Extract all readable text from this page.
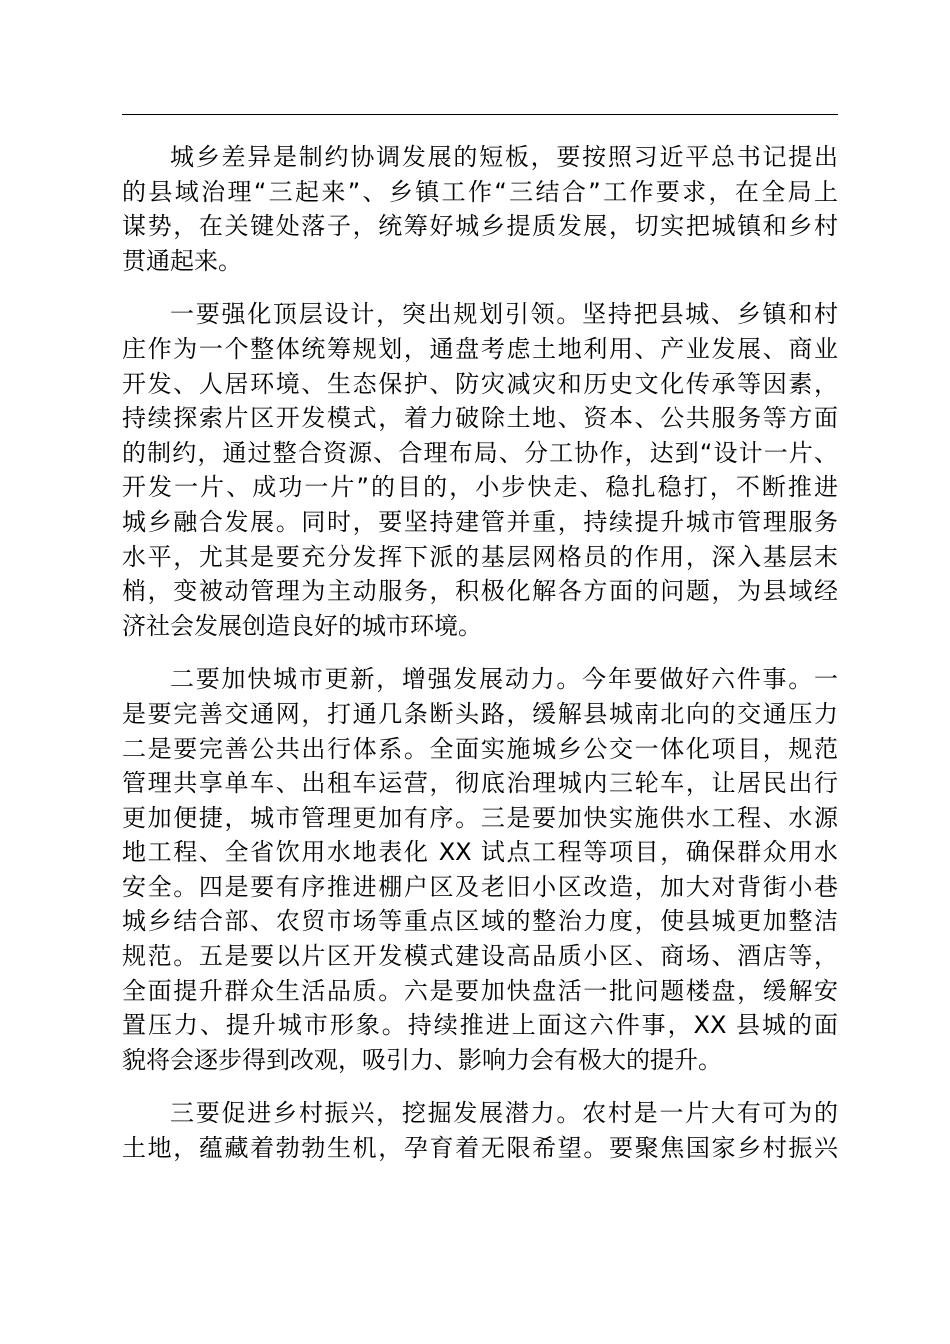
城乡差异是制约协调发展的短板，要按照习近平总书记提出
的县域治理“三起来”、乡镇工作“三结合”工作要求，在全局上
谋势，在关键处落子，统筹好城乡提质发展，切实把城镇和乡村
贯通起来。
一要强化顶层设计，突出规划引领。坚持把县城、乡镇和村
庄作为一个整体统筹规划，通盘考虑土地利用、产业发展、商业
开发、人居环境、生态保护、防灾减灾和历史文化传承等因素，
持续探索片区开发模式，着力破除土地、资本、公共服务等方面
的制约，通过整合资源、合理布局、分工协作，达到“设计一片、
开发一片、成功一片”的目的，小步快走、稳扎稳打，不断推进
城乡融合发展。同时，要坚持建管并重，持续提升城市管理服务
水平，尤其是要充分发挥下派的基层网格员的作用，深入基层末
梢，变被动管理为主动服务，积极化解各方面的问题，为县域经
济社会发展创造良好的城市环境。
二要加快城市更新，增强发展动力。今年要做好六件事。一
是要完善交通网，打通几条断头路，缓解县城南北向的交通压力
二是要完善公共出行体系。全面实施城乡公交一体化项目，规范
管理共享单车、出租车运营，彻底治理城内三轮车，让居民出行
更加便捷，城市管理更加有序。三是要加快实施供水工程、水源
地工程、全省饮用水地表化 XX 试点工程等项目，确保群众用水
安全。四是要有序推进棚户区及老旧小区改造，加大对背街小巷
城乡结合部、农贸市场等重点区域的整治力度，使县城更加整洁
规范。五是要以片区开发模式建设高品质小区、商场、酒店等，
全面提升群众生活品质。六是要加快盘活一批问题楼盘，缓解安
置压力、提升城市形象。持续推进上面这六件事，XX 县城的面
貌将会逐步得到改观，吸引力、影响力会有极大的提升。
三要促进乡村振兴，挖掘发展潜力。农村是一片大有可为的
土地，蕴藏着勃勃生机，孕育着无限希望。要聚焦国家乡村振兴
